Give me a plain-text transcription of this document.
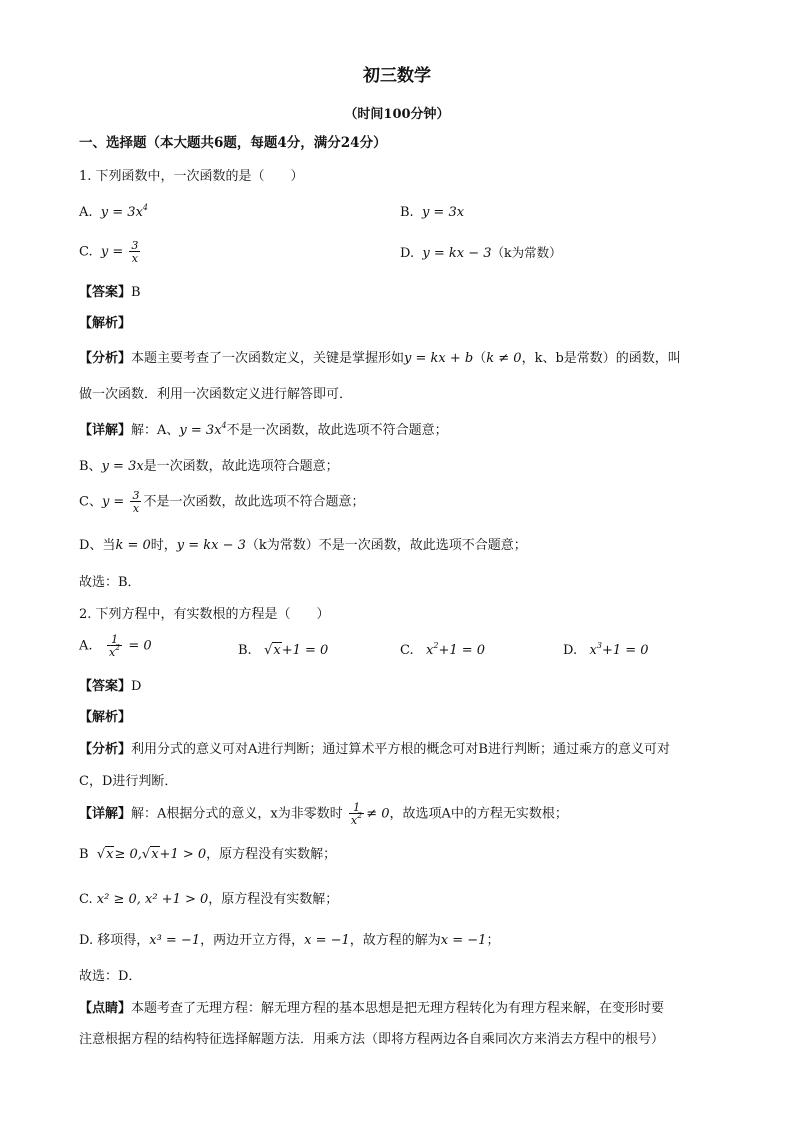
初三数学
（时间100分钟）
一、选择题（本大题共6题，每题4分，满分24分）
1. 下列函数中，一次函数的是（　　）
A. $y = 3x^4$	B. y = 3x
C. $y = \frac{3}{x}$	D. y = kx − 3（k为常数）
【答案】B
【解析】
【分析】本题主要考查了一次函数定义，关键是掌握形如y = kx + b（k ≠ 0，k、b是常数）的函数，叫
做一次函数．利用一次函数定义进行解答即可．
【详解】解：A、$y = 3x^4$不是一次函数，故此选项不符合题意；
B、y = 3x是一次函数，故此选项符合题意；
C、$y = \frac{3}{x}$ 不是一次函数，故此选项不符合题意；
D、当k = 0时，y = kx − 3（k为常数）不是一次函数，故此选项不合题意；
故选：B．
2. 下列方程中，有实数根的方程是（　　）
A. $\frac{1}{x^2} = 0$	B. √x+1 = 0	C. $x^2+1 = 0$	D. $x^3+1 = 0$
【答案】D
【解析】
【分析】利用分式的意义可对A进行判断；通过算术平方根的概念可对B进行判断；通过乘方的意义可对
C，D进行判断．
【详解】解：A根据分式的意义，x为非零数时 $\frac{1}{x^2} \ne 0$，故选项A中的方程无实数根；
B √x≥ 0,√x+1 > 0，原方程没有实数解；
C. x² ≥ 0, x² +1 > 0，原方程没有实数解；
D. 移项得，x³ = −1，两边开立方得，x = −1，故方程的解为x = −1；
故选：D．
【点睛】本题考查了无理方程：解无理方程的基本思想是把无理方程转化为有理方程来解，在变形时要
注意根据方程的结构特征选择解题方法．用乘方法（即将方程两边各自乘同次方来消去方程中的根号）
